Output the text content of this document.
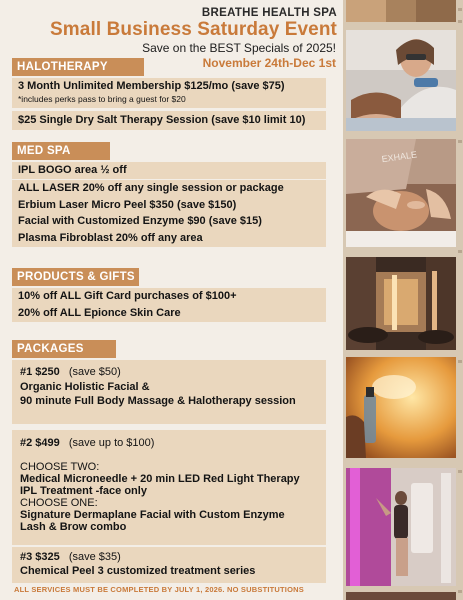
BREATHE HEALTH SPA
Small Business Saturday Event
Save on the BEST Specials of 2025!
November 24th-Dec 1st
HALOTHERAPY
3 Month Unlimited Membership $125/mo (save $75)
*includes perks pass to bring a guest for $20
$25 Single Dry Salt Therapy Session (save $10 limit 10)
MED SPA
IPL BOGO area ½ off
ALL LASER 20% off any single session or package
Erbium Laser Micro Peel $350 (save $150)
Facial with Customized Enzyme $90 (save $15)
Plasma Fibroblast 20% off any area
PRODUCTS & GIFTS
10% off ALL Gift Card purchases of $100+
20% off ALL Epionce Skin Care
PACKAGES
#1 $250 (save $50)
Organic Holistic Facial &
90 minute Full Body Massage & Halotherapy session
#2 $499 (save up to $100)
CHOOSE TWO:
Medical Microneedle + 20 min LED Red Light Therapy
IPL Treatment -face only
CHOOSE ONE:
Signature Dermaplane Facial with Custom Enzyme
Lash & Brow combo
#3 $325 (save $35)
Chemical Peel 3 customized treatment series
ALL SERVICES MUST BE COMPLETED BY JULY 1, 2026. NO SUBSTITUTIONS
EXHALE
